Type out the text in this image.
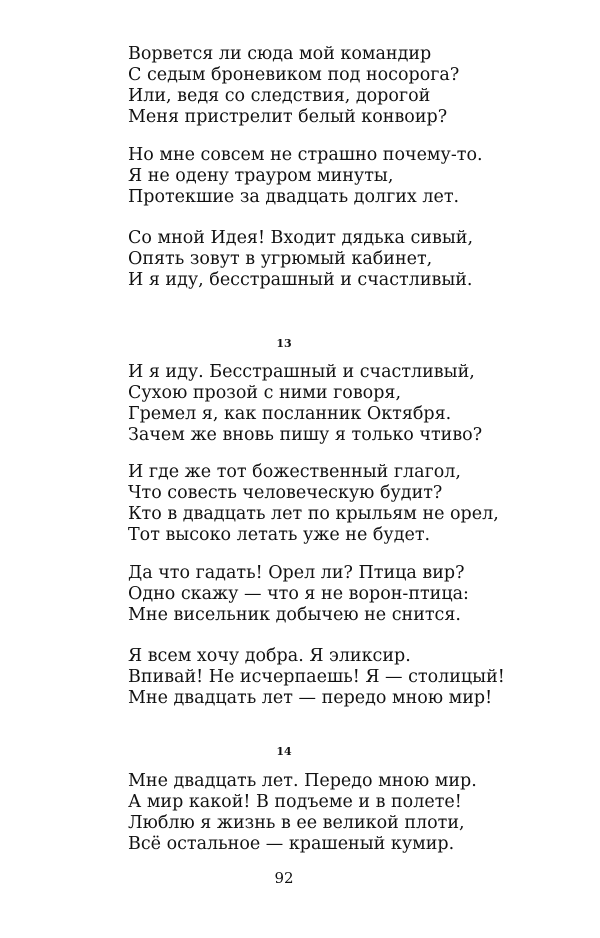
Ворвется ли сюда мой командир
С седым броневиком под носорога?
Или, ведя со следствия, дорогой
Меня пристрелит белый конвоир?
Но мне совсем не страшно почему-то.
Я не одену трауром минуты,
Протекшие за двадцать долгих лет.
Со мной Идея! Входит дядька сивый,
Опять зовут в угрюмый кабинет,
И я иду, бесстрашный и счастливый.
13
И я иду. Бесстрашный и счастливый,
Сухою прозой с ними говоря,
Гремел я, как посланник Октября.
Зачем же вновь пишу я только чтиво?
И где же тот божественный глагол,
Что совесть человеческую будит?
Кто в двадцать лет по крыльям не орел,
Тот высоко летать уже не будет.
Да что гадать! Орел ли? Птица вир?
Одно скажу — что я не ворон-птица:
Мне висельник добычею не снится.
Я всем хочу добра. Я эликсир.
Впивай! Не исчерпаешь! Я — столицый!
Мне двадцать лет — передо мною мир!
14
Мне двадцать лет. Передо мною мир.
А мир какой! В подъеме и в полете!
Люблю я жизнь в ее великой плоти,
Всё остальное — крашеный кумир.
92
